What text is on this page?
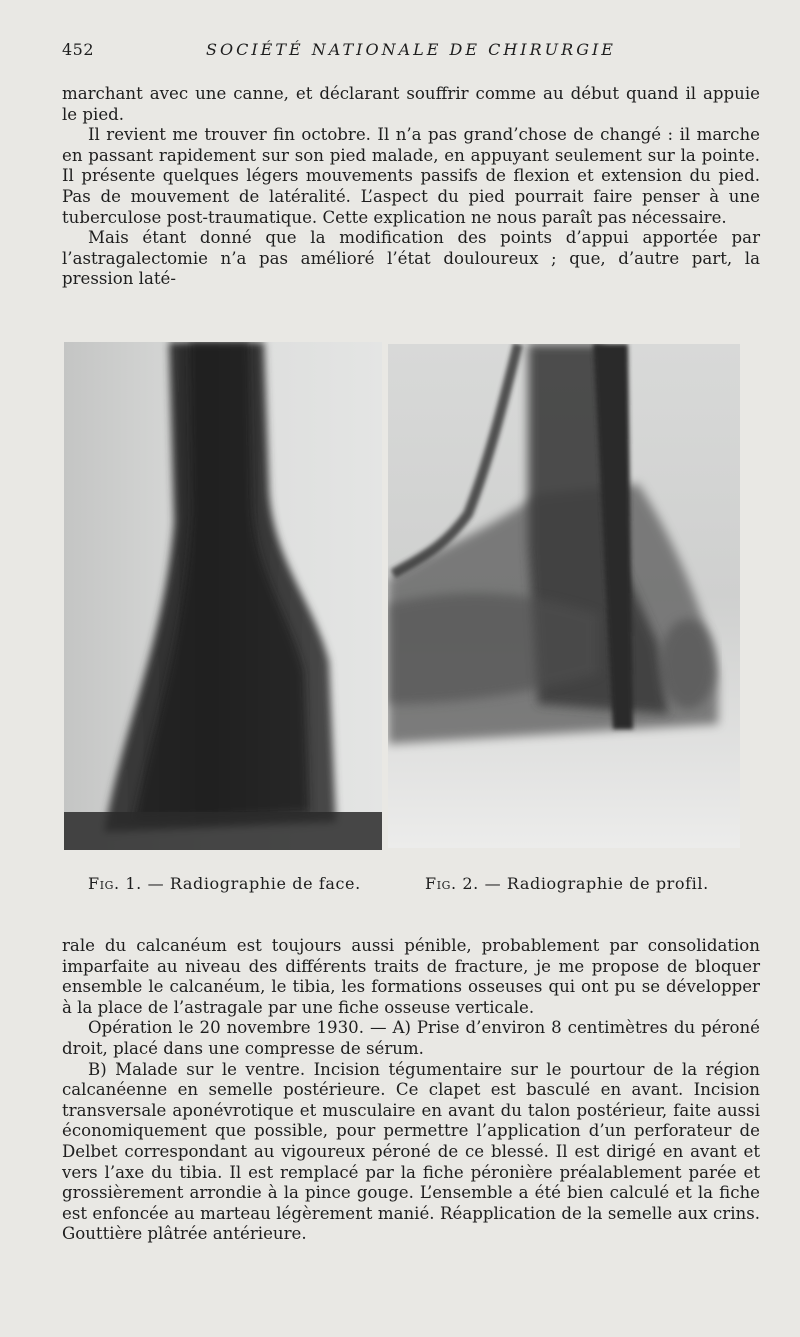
452	SOCIÉTÉ NATIONALE DE CHIRURGIE

marchant avec une canne, et déclarant souffrir comme au début quand il appuie le pied.

Il revient me trouver fin octobre. Il n’a pas grand’chose de changé : il marche en passant rapidement sur son pied malade, en appuyant seulement sur la pointe. Il présente quelques légers mouvements passifs de flexion et extension du pied. Pas de mouvement de latéralité. L’aspect du pied pourrait faire penser à une tuberculose post-traumatique. Cette explication ne nous paraît pas nécessaire.

Mais étant donné que la modification des points d’appui apportée par l’astragalectomie n’a pas amélioré l’état douloureux ; que, d’autre part, la pression laté-

Fig. 1. — Radiographie de face.	Fig. 2. — Radiographie de profil.

rale du calcanéum est toujours aussi pénible, probablement par consolidation imparfaite au niveau des différents traits de fracture, je me propose de bloquer ensemble le calcanéum, le tibia, les formations osseuses qui ont pu se développer à la place de l’astragale par une fiche osseuse verticale.

Opération le 20 novembre 1930. — A) Prise d’environ 8 centimètres du péroné droit, placé dans une compresse de sérum.

B) Malade sur le ventre. Incision tégumentaire sur le pourtour de la région calcanéenne en semelle postérieure. Ce clapet est basculé en avant. Incision transversale aponévrotique et musculaire en avant du talon postérieur, faite aussi économiquement que possible, pour permettre l’application d’un perforateur de Delbet correspondant au vigoureux péroné de ce blessé. Il est dirigé en avant et vers l’axe du tibia. Il est remplacé par la fiche péronière préalablement parée et grossièrement arrondie à la pince gouge. L’ensemble a été bien calculé et la fiche est enfoncée au marteau légèrement manié. Réapplication de la semelle aux crins. Gouttière plâtrée antérieure.
